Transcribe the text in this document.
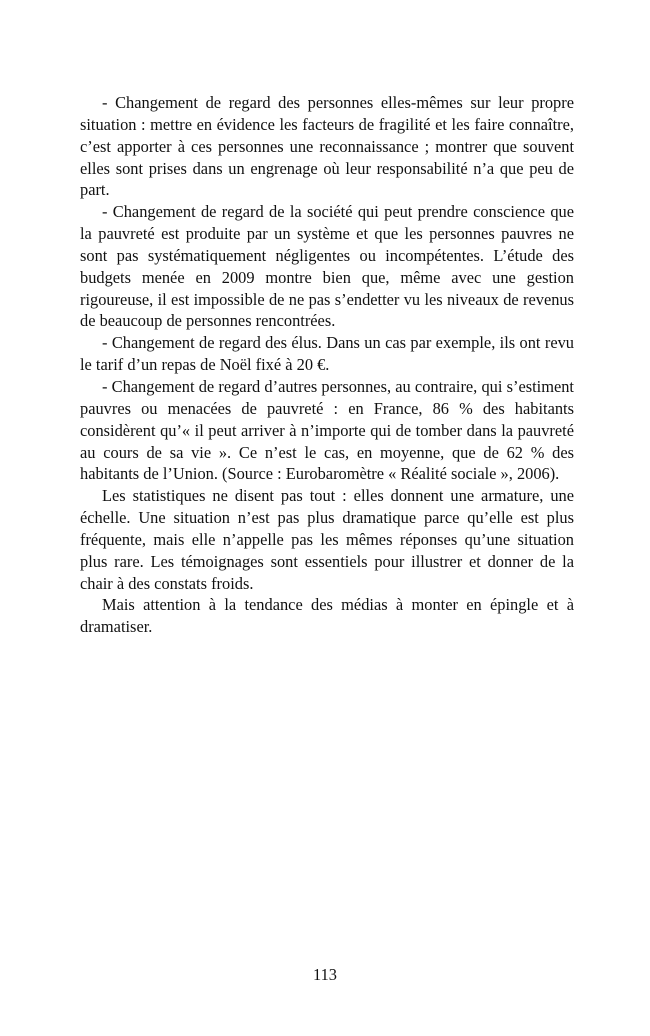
- Changement de regard des personnes elles-mêmes sur leur propre situation : mettre en évidence les facteurs de fragilité et les faire connaître, c’est apporter à ces personnes une reconnaissance ; montrer que souvent elles sont prises dans un engrenage où leur responsabilité n’a que peu de part.

- Changement de regard de la société qui peut prendre conscience que la pauvreté est produite par un système et que les personnes pauvres ne sont pas systématiquement négligentes ou incompétentes. L’étude des budgets menée en 2009 montre bien que, même avec une gestion rigoureuse, il est impossible de ne pas s’endetter vu les niveaux de revenus de beaucoup de personnes rencontrées.

- Changement de regard des élus. Dans un cas par exemple, ils ont revu le tarif d’un repas de Noël fixé à 20 €.

- Changement de regard d’autres personnes, au contraire, qui s’estiment pauvres ou menacées de pauvreté : en France, 86 % des habitants considèrent qu’« il peut arriver à n’importe qui de tomber dans la pauvreté au cours de sa vie ». Ce n’est le cas, en moyenne, que de 62 % des habitants de l’Union. (Source : Eurobaromètre « Réalité sociale », 2006).

Les statistiques ne disent pas tout : elles donnent une armature, une échelle. Une situation n’est pas plus dramatique parce qu’elle est plus fréquente, mais elle n’appelle pas les mêmes réponses qu’une situation plus rare. Les témoignages sont essentiels pour illustrer et donner de la chair à des constats froids.

Mais attention à la tendance des médias à monter en épingle et à dramatiser.

113
